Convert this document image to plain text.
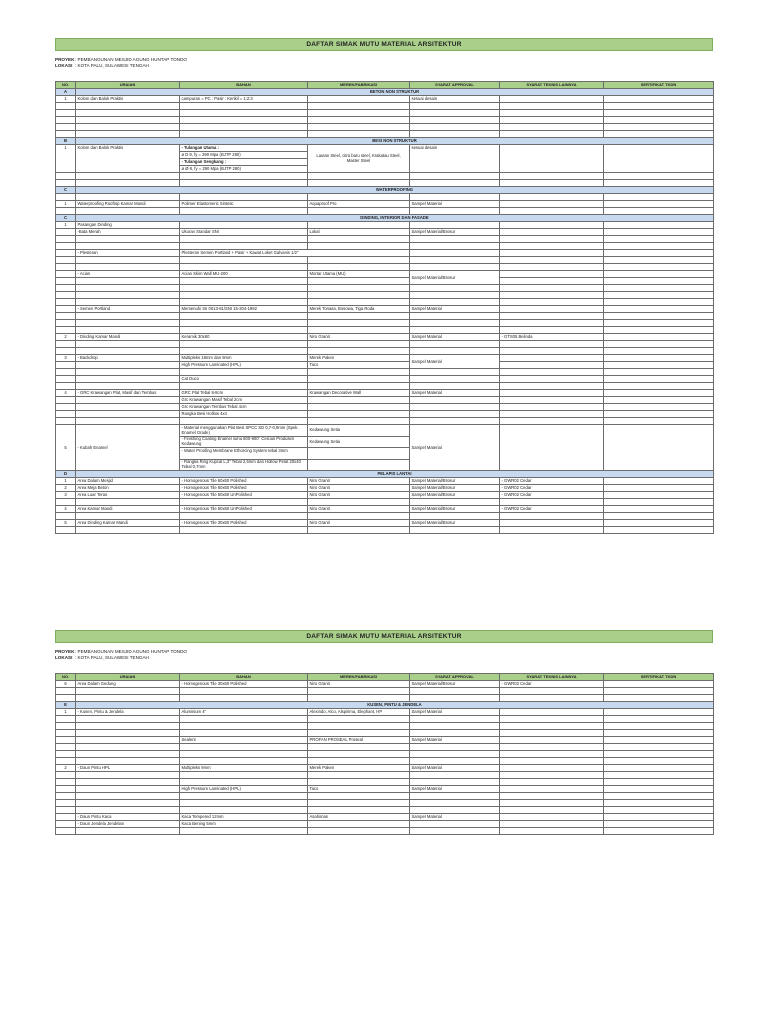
DAFTAR SIMAK MUTU MATERIAL ARSITEKTUR
PROYEK: PEMBANGUNAN MESJID AGUNG HUNTAP TONDO
LOKASI : KOTA PALU, SULAWESI TENGAH
NO.	URAIAN	BAHAN	MEREK/FABRIKASI	SYARAT APPROVAL	SYARAT TEKNIS LAINNYA	SERTIFIKAT TKDN
A	BETON NON STRUKTUR					
1	Kolom dan Balok Praktis	campuran = PC : Pasir : Kerikil = 1:2:3		sesuai desain		

B	BESI NON STRUKTUR					
1	Kolom dan Balok Praktis	- Tulangan Utama :	Lautan Steel, citra baru steel, Krakatau Steel, Master Steel	sesuai desain		
		ø D 9, fy = 290 Mpa (BJTP 280)				
		- Tulangan Sengkang :				
		ø Ø 8, fy = 290 Mpa (BJTP 280)				

C	WATERPROOFING					

1	Waterproofing Rooftop Kamar Mandi	Polimer Elastomeric Sintetic	Aquaproof Pro	Sampel Material		

C	DINDING, INTERIOR DAN FASADE					
1	Pasangan Dinding					
	-Bata Merah	Ukuran Standar SNI	Lokal	Sampel Material/Brosur		

	- Plesteran	Plesteran Semen Portland + Pasir + Kawat Loket Galvanis 1/2"				

	- Acian	Acian Skim Wall MU-200	Mortar Utama (MU)	Sampel Material/Brosur		

	- Semen Portland	Memenuhi SII 0013-81/SNI 15-204-1992	Merek Tonasa, Bosowa, Tiga Roda	Sampel Material		

2	- Dinding Kamar Mandi	Keramik 30x60	Niro Granit	Sampel Material	- GTS05 Belinda	

3	- Backdrop	Multipleks 18mm dan 9mm	Merek Paken	Sampel Material		
		High Pressure Laminated (HPL)	Taco			

		Cat Duco				

4	- GRC Krawangan Plat, Masif dan Tembus	GRC Plat Tebal 8-8cm	Krawangan Decorative Wall	Sampel Material		
		Grc Krawangan Masif Tebal 2cm				
		Grc Krawangan Tembus Tebal 4cm				
		Rangka Besi Hollow 4x4				

5	- Kubah Enamel	- Material menggunakan Plat Besi SPCC SD 0,7-0,9mm (Spek. Enamel Grade)	Kedawung Setia	Sampel Material		
		- Finishing Coating Enamel suhu 800-900° Celcius Produsen Kedawung	Kedawung Setia			
		- Water Proofing Membrane Ethorcing System tebal 3mm				
		- Rangka Ring Kupcal L,3" Tebal 2,5mm dan Hollow Pelat 20x40 Tebal 0,7mm				
D	PELAPIS LANTAI					
1	Area Dalam Mesjid	- Homogenous Tile 60x60 Polished	Niro Granit	Sampel Material/Brosur	- GWR02 Cedar	
2	Area Meja Beton	- Homogenous Tile 60x60 Polished	Niro Granit	Sampel Material/Brosur	- GWR02 Cedar	
3	Area Luar Teras	- Homogenous Tile 60x60 UnPolished	Niro Granit	Sampel Material/Brosur	- GWR02 Cedar	

4	Area Kamar Mandi	- Homogenous Tile 60x60 UnPolished	Niro Granit	Sampel Material/Brosur	- GWR02 Cedar	

5	Area Dinding Kamar Mandi	- Homogenous Tile 30x60 Polished	Niro Granit	Sampel Material/Brosur		

DAFTAR SIMAK MUTU MATERIAL ARSITEKTUR
PROYEK: PEMBANGUNAN MESJID AGUNG HUNTAP TONDO
LOKASI : KOTA PALU, SULAWESI TENGAH
NO.	URAIAN	BAHAN	MEREK/FABRIKASI	SYARAT APPROVAL	SYARAT TEKNIS LAINNYA	SERTIFIKAT TKDN
6	Area Dalam Gedung	- Homogenous Tile 30x60 Polished	Niro Granit	Sampel Material/Brosur	- GWR02 Cedar	

E	KUSEN, PINTU & JENDELA					
1	- Kusen, Pintu & Jendela	Aluminium 4"	Alexindo, Alco, Alspirima, Elephant, HP	Sampel Material		

		Sealent	PROFAN PROSEAL Proseal	Sampel Material		

2	- Daun Pintu HPL	Multipleks 9mm	Merek Paken	Sampel Material		

		High Pressure Laminated (HPL)	Taco	Sampel Material		

	- Daun Pintu Kaca	Kaca Tempered 12mm	Asahimas	Sampel Material		
	- Daun Jendela Jendelan	Kaca Bening 5mm				
